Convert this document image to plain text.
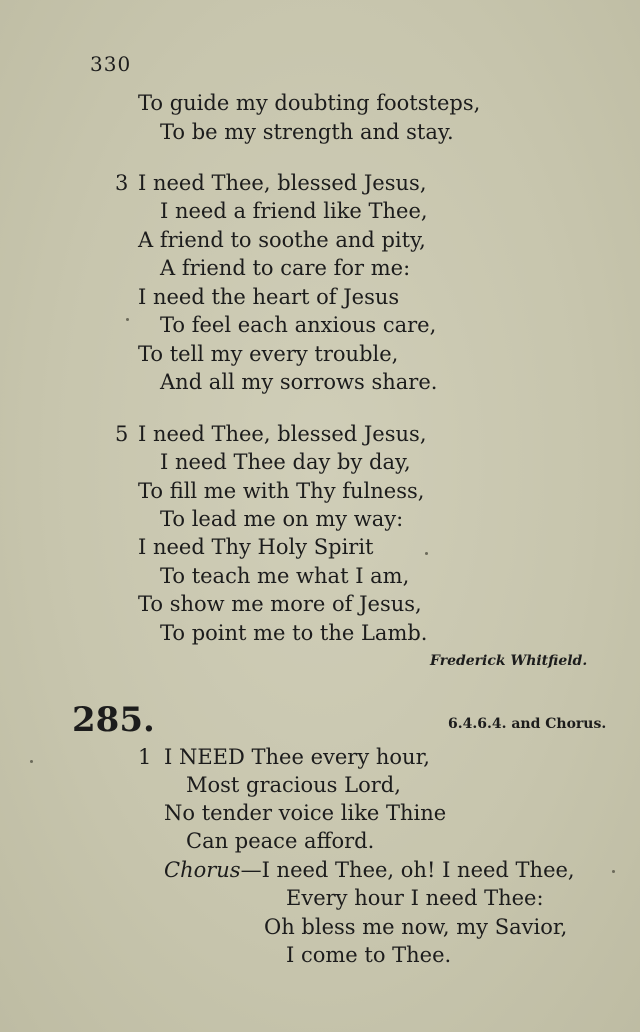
330
To guide my doubting footsteps,
To be my strength and stay.
3 I need Thee, blessed Jesus,
I need a friend like Thee,
A friend to soothe and pity,
A friend to care for me:
I need the heart of Jesus
To feel each anxious care,
To tell my every trouble,
And all my sorrows share.
5 I need Thee, blessed Jesus,
I need Thee day by day,
To fill me with Thy fulness,
To lead me on my way:
I need Thy Holy Spirit
To teach me what I am,
To show me more of Jesus,
To point me to the Lamb.
Frederick Whitfield.
285.	6.4.6.4. and Chorus.
1 I NEED Thee every hour,
Most gracious Lord,
No tender voice like Thine
Can peace afford.
Chorus—I need Thee, oh! I need Thee,
Every hour I need Thee:
Oh bless me now, my Savior,
I come to Thee.
